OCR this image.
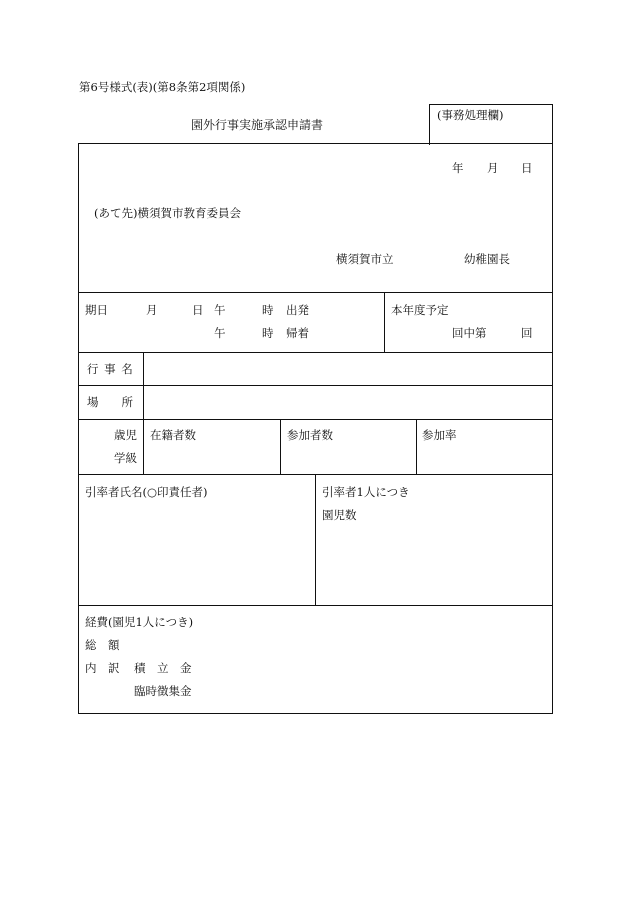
第6号様式(表)(第8条第2項関係)
園外行事実施承認申請書
(事務処理欄)
年 月 日
(あて先)横須賀市教育委員会
横須賀市立	幼稚園長
期日	月	日 午	時 出発
午	時 帰着
本年度予定
回中第	回
行 事 名
場　　所
歳児
学級
在籍者数	参加者数	参加率
引率者氏名(○印責任者)	引率者1人につき
園児数
経費(園児1人につき)
総　額
内　訳 積　立　金
臨時徴集金
